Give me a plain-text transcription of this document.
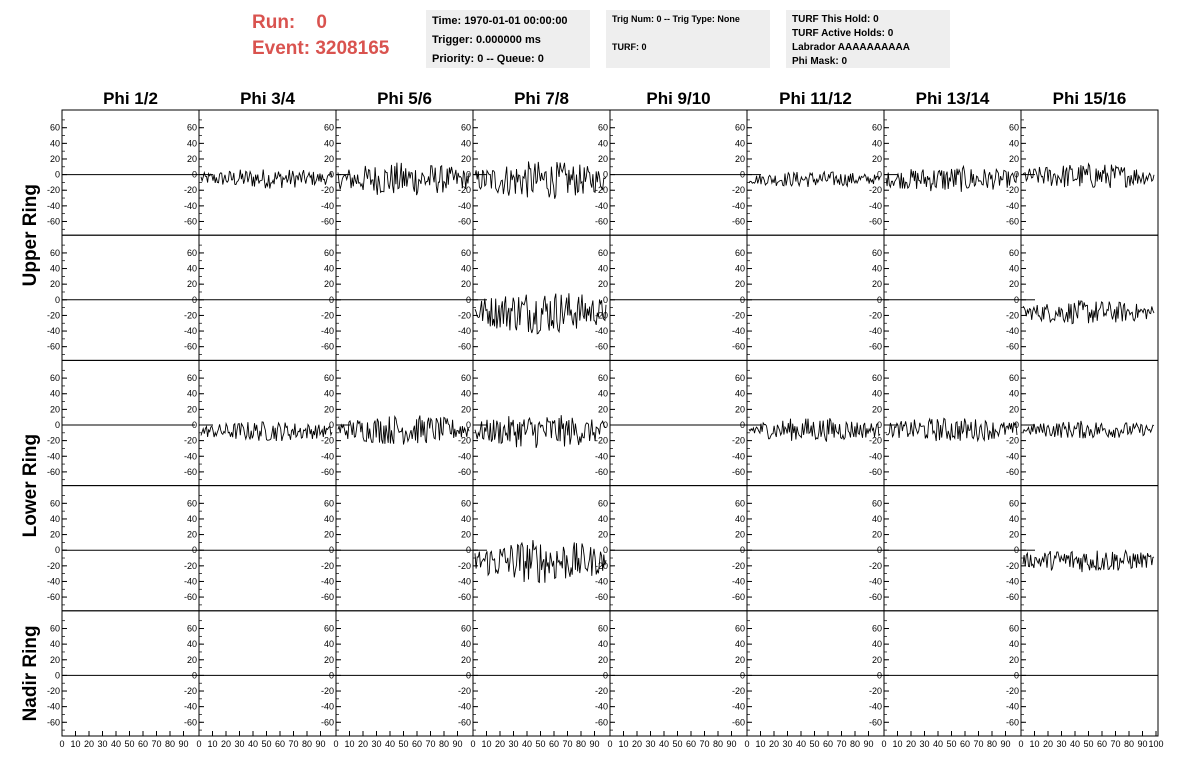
Phi 1/2	Phi 3/4	Phi 5/6	Phi 7/8	Phi 9/10	Phi 11/12	Phi 13/14	Phi 15/16
Upper Ring
Lower Ring
Nadir Ring
60
40
20
0
-20
-40
-60
60
40
20
0
-20
-40
-60
60
40
20
0
-20
-40
-60
60
40
20
0
-20
-40
-60
60
40
20
0
-20
-40
-60
60
40
20
0
-20
-40
-60
60
40
20
0
-20
-40
-60
60
40
20
0
-20
-40
-60
60
40
20
0
-20
-40
-60
60
40
20
0
-20
-40
-60
60
40
20
0
-20
-40
-60
60
40
20
0
-20
-40
-60
60
40
20
0
-20
-40
-60
60
40
20
0
-20
-40
-60
60
40
20
0
-20
-40
-60
60
40
20
0
-20
-40
-60
60
40
20
0
-20
-40
-60
60
40
20
0
-20
-40
-60
60
40
20
0
-20
-40
-60
60
40
20
0
-20
-40
-60
60
40
20
0
-20
-40
-60
60
40
20
0
-20
-40
-60
60
40
20
0
-20
-40
-60
60
40
20
0
-20
-40
-60
60
40
20
0
-20
-40
-60
60
40
20
0
-20
-40
-60
60
40
20
0
-20
-40
-60
60
40
20
0
-20
-40
-60
60
40
20
0
-20
-40
-60
60
40
20
0
-20
-40
-60
60
40
20
0
-20
-40
-60
60
40
20
0
-20
-40
-60
60
40
20
0
-20
-40
-60
60
40
20
0
-20
-40
-60
60
40
20
0
-20
-40
-60
60
40
20
0
-20
-40
-60
60
40
20
0
-20
-40
-60
60
40
20
0
-20
-40
-60
60
40
20
0
-20
-40
-60
60
40
20
0
-20
-40
-60
0 10 20 30 40 50 60 70 80 90 0 10 20 30 40 50 60 70 80 90 0 10 20 30 40 50 60 70 80 90 0 10 20 30 40 50 60 70 80 90 0 10 20 30 40 50 60 70 80 90 0 10 20 30 40 50 60 70 80 90 0 10 20 30 40 50 60 70 80 90 0 10 20 30 40 50 60 70 80 90 100
Run: 0
Event: 3208165
Time: 1970-01-01 00:00:00
Trigger: 0.000000 ms
Priority: 0 -- Queue: 0
Trig Num: 0 -- Trig Type: None
TURF: 0
TURF This Hold: 0
TURF Active Holds: 0
Labrador AAAAAAAAAA
Phi Mask: 0
